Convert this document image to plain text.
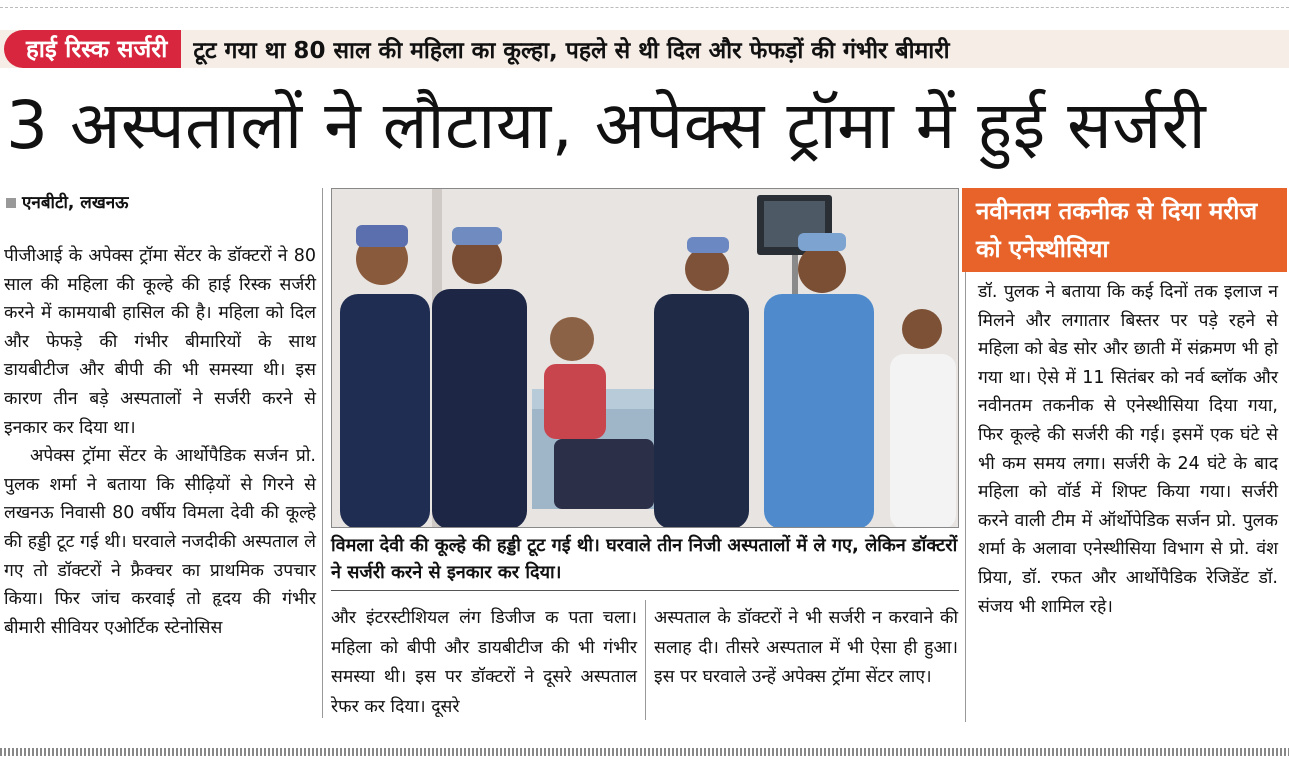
हाई रिस्क सर्जरी	टूट गया था 80 साल की महिला का कूल्हा, पहले से थी दिल और फेफड़ों की गंभीर बीमारी
3 अस्पतालों ने लौटाया, अपेक्स ट्रॉमा में हुई सर्जरी
एनबीटी, लखनऊ

पीजीआई के अपेक्स ट्रॉमा सेंटर के डॉक्टरों ने 80 साल की महिला की कूल्हे की हाई रिस्क सर्जरी करने में कामयाबी हासिल की है। महिला को दिल और फेफड़े की गंभीर बीमारियों के साथ डायबीटीज और बीपी की भी समस्या थी। इस कारण तीन बड़े अस्पतालों ने सर्जरी करने से इनकार कर दिया था।

अपेक्स ट्रॉमा सेंटर के आर्थोपैडिक सर्जन प्रो. पुलक शर्मा ने बताया कि सीढ़ियों से गिरने से लखनऊ निवासी 80 वर्षीय विमला देवी की कूल्हे की हड्डी टूट गई थी। घरवाले नजदीकी अस्पताल ले गए तो डॉक्टरों ने फ्रैक्चर का प्राथमिक उपचार किया। फिर जांच करवाई तो हृदय की गंभीर बीमारी सीवियर एओर्टिक स्टेनोसिस

विमला देवी की कूल्हे की हड्डी टूट गई थी। घरवाले तीन निजी अस्पतालों में ले गए, लेकिन डॉक्टरों ने सर्जरी करने से इनकार कर दिया।
और इंटरस्टीशियल लंग डिजीज क पता चला। महिला को बीपी और डायबीटीज की भी गंभीर समस्या थी। इस पर डॉक्टरों ने दूसरे अस्पताल रेफर कर दिया। दूसरे
अस्पताल के डॉक्टरों ने भी सर्जरी न करवाने की सलाह दी। तीसरे अस्पताल में भी ऐसा ही हुआ। इस पर घरवाले उन्हें अपेक्स ट्रॉमा सेंटर लाए।
नवीनतम तकनीक से दिया मरीज को एनेस्थीसिया
डॉ. पुलक ने बताया कि कई दिनों तक इलाज न मिलने और लगातार बिस्तर पर पड़े रहने से महिला को बेड सोर और छाती में संक्रमण भी हो गया था। ऐसे में 11 सितंबर को नर्व ब्लॉक और नवीनतम तकनीक से एनेस्थीसिया दिया गया, फिर कूल्हे की सर्जरी की गई। इसमें एक घंटे से भी कम समय लगा। सर्जरी के 24 घंटे के बाद महिला को वॉर्ड में शिफ्ट किया गया। सर्जरी करने वाली टीम में ऑर्थोपेडिक सर्जन प्रो. पुलक शर्मा के अलावा एनेस्थीसिया विभाग से प्रो. वंश प्रिया, डॉ. रफत और आर्थोपैडिक रेजिडेंट डॉ. संजय भी शामिल रहे।
